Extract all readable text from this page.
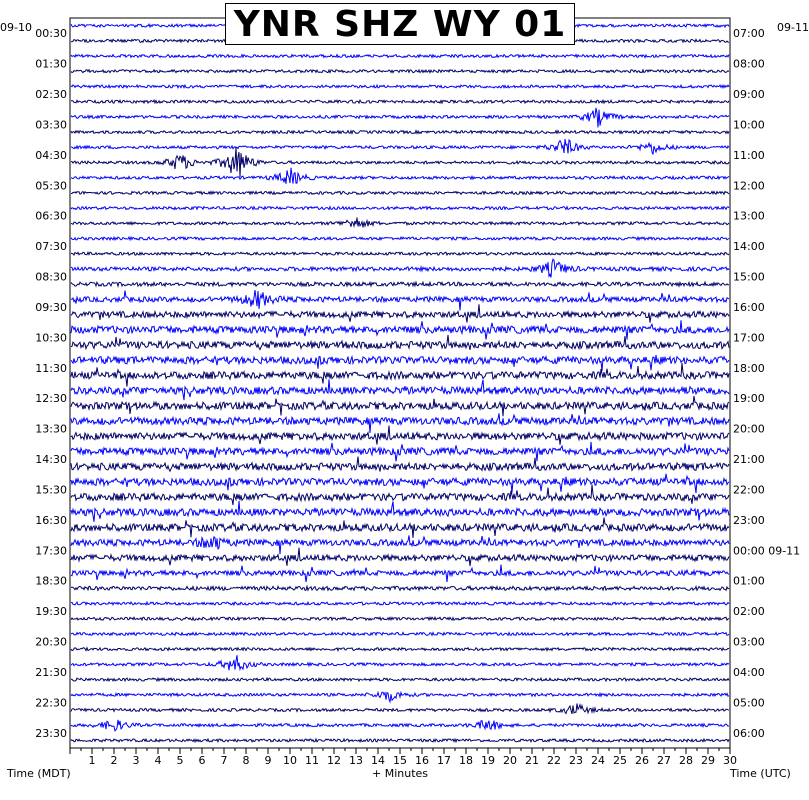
00:30
01:30
02:30
03:30
04:30
05:30
06:30
07:30
08:30
09:30
10:30
11:30
12:30
13:30
14:30
15:30
16:30
17:30
18:30
19:30
20:30
21:30
22:30
23:30
07:00
08:00
09:00
10:00
11:00
12:00
13:00
14:00
15:00
16:00
17:00
18:00
19:00
20:00
21:00
22:00
23:00
00:00 09-11
01:00
02:00
03:00
04:00
05:00
06:00
1 2 3 4 5 6 7 8 9 10 11 12 13 14 15 16 17 18 19 20 21 22 23 24 25 26 27 28 29 30
YNR SHZ WY 01
09-10	09-11
Time (MDT)	+ Minutes	Time (UTC)
